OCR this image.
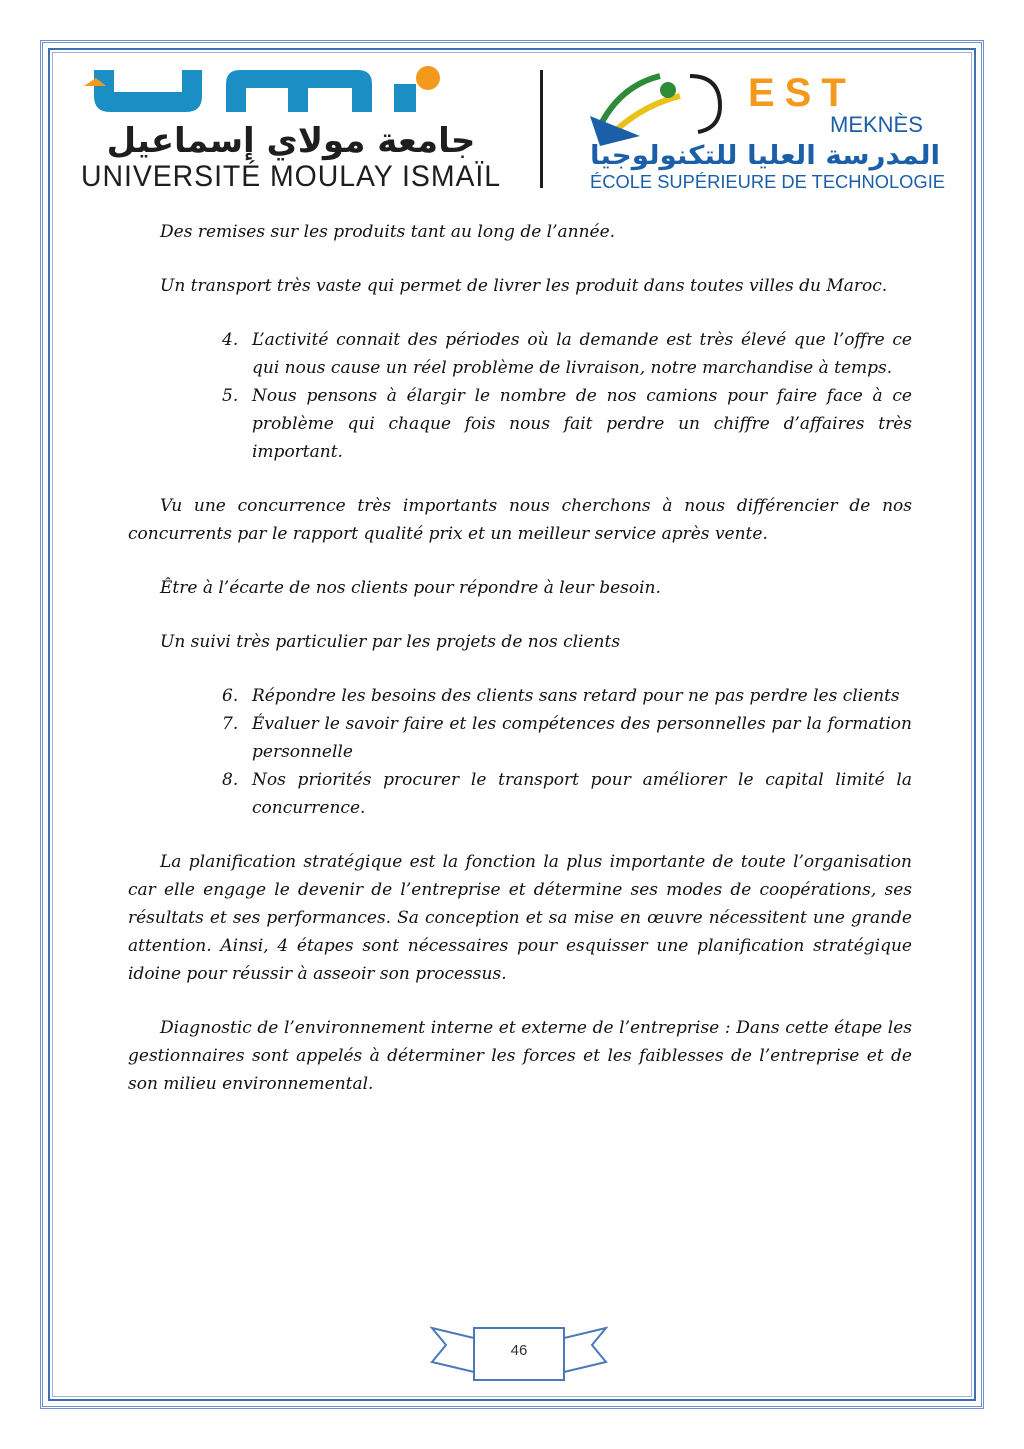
جامعة مولاي إسماعيل
UNIVERSITÉ MOULAY ISMAÏL
EST
MEKNÈS
المدرسة العليا للتكنولوجيا
ÉCOLE SUPÉRIEURE DE TECHNOLOGIE

Des remises sur les produits tant au long de l’année.

Un transport très vaste qui permet de livrer les produit dans toutes villes du Maroc.

4. L’activité connait des périodes où la demande est très élevé que l’offre ce qui nous cause un réel problème de livraison, notre marchandise à temps.
5. Nous pensons à élargir le nombre de nos camions pour faire face à ce problème qui chaque fois nous fait perdre un chiffre d’affaires très important.

Vu une concurrence très importants nous cherchons à nous différencier de nos concurrents par le rapport qualité prix et un meilleur service après vente.

Être à l’écarte de nos clients pour répondre à leur besoin.

Un suivi très particulier par les projets de nos clients

6. Répondre les besoins des clients sans retard pour ne pas perdre les clients
7. Évaluer le savoir faire et les compétences des personnelles par la formation personnelle
8. Nos priorités procurer le transport pour améliorer le capital limité la concurrence.

La planification stratégique est la fonction la plus importante de toute l’organisation car elle engage le devenir de l’entreprise et détermine ses modes de coopérations, ses résultats et ses performances. Sa conception et sa mise en œuvre nécessitent une grande attention. Ainsi, 4 étapes sont nécessaires pour esquisser une planification stratégique idoine pour réussir à asseoir son processus.

Diagnostic de l’environnement interne et externe de l’entreprise : Dans cette étape les gestionnaires sont appelés à déterminer les forces et les faiblesses de l’entreprise et de son milieu environnemental.

46
